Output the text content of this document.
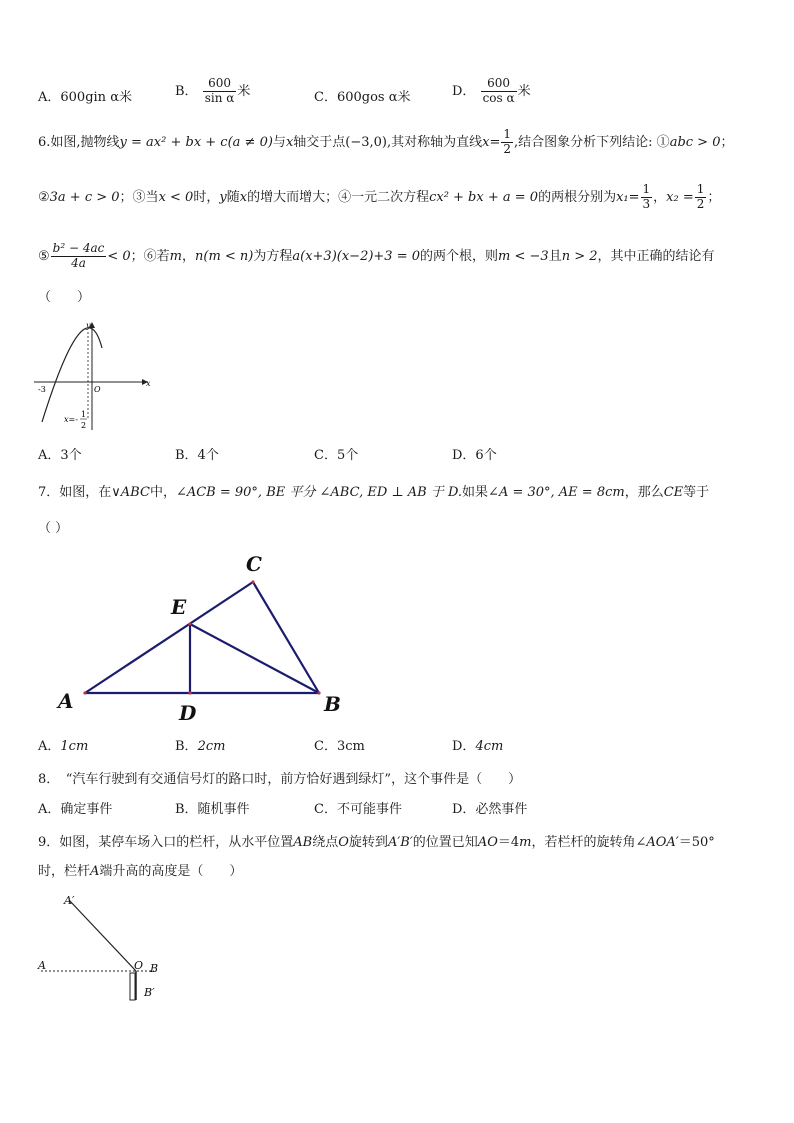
A．600gin α米	B． $\frac{600}{\text{sin α}}$ 米	C．600gos α米	D． $\frac{600}{\text{cos α}}$ 米
6.如图,抛物线y = ax² + bx + c(a ≠ 0)与x轴交于点(−3,0),其对称轴为直线$x= \frac{1}{2}$ ,结合图象分析下列结论: ①abc > 0；
②3a + c > 0；③当x < 0时，y随x的增大而增大；④一元二次方程cx² + bx + a = 0的两根分别为$x_1= \frac{1}{3}$ ，$x_2 = \frac{1}{2}$ ；
⑤ $\frac{\text{b² − 4ac}}{4a} < 0$；⑥若m，n(m < n)为方程a(x+3)(x−2)+3 = 0的两个根，则m < −3且n > 2，其中正确的结论有
（　　）
x
y
O
-3
x=-
1
2
A．3个	B．4个	C．5个	D．6个
7．如图，在∨ABC中，∠ACB = 90°, BE 平分 ∠ABC, ED ⊥ AB 于 D.如果∠A = 30°, AE = 8cm，那么CE等于
（ ）
A	B
C
E
D
A．1cm	B．2cm	C．3cm	D．4cm
8．　“汽车行驶到有交通信号灯的路口时，前方恰好遇到绿灯”，这个事件是（　　）
A．确定事件	B．随机事件	C．不可能事件	D．必然事件
9．如图，某停车场入口的栏杆，从水平位置AB绕点O旋转到A′B′的位置已知AO＝4m，若栏杆的旋转角∠AOA′＝50°
时，栏杆A端升高的高度是（　　）
A′
A	O B
B′
